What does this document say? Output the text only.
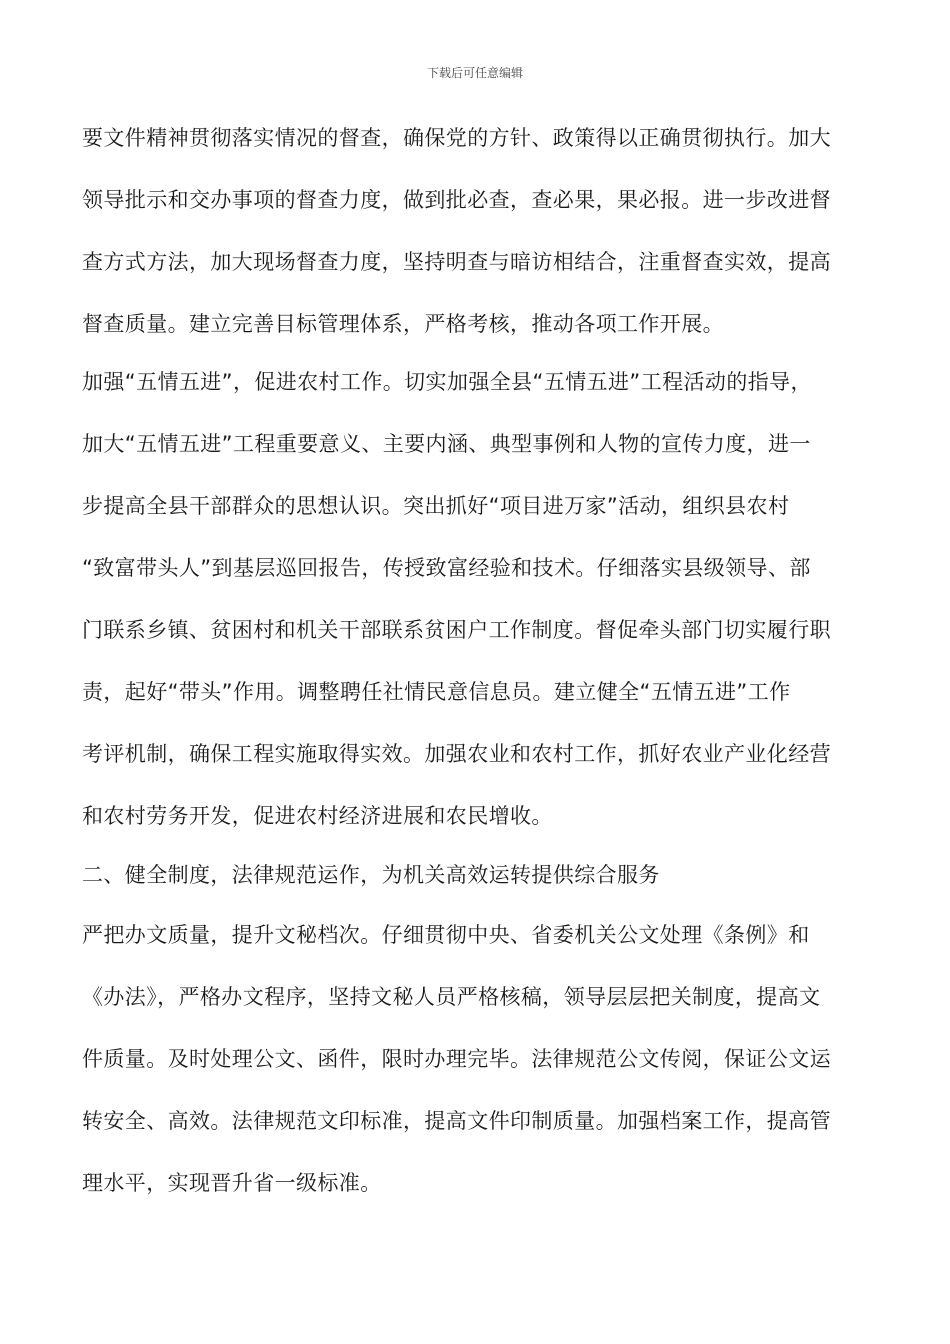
下载后可任意编辑
要文件精神贯彻落实情况的督查，确保党的方针、政策得以正确贯彻执行。加大
领导批示和交办事项的督查力度，做到批必查，查必果，果必报。进一步改进督
查方式方法，加大现场督查力度，坚持明查与暗访相结合，注重督查实效，提高
督查质量。建立完善目标管理体系，严格考核，推动各项工作开展。
加强“五情五进”，促进农村工作。切实加强全县“五情五进”工程活动的指导，
加大“五情五进”工程重要意义、主要内涵、典型事例和人物的宣传力度，进一
步提高全县干部群众的思想认识。突出抓好“项目进万家”活动，组织县农村
“致富带头人”到基层巡回报告，传授致富经验和技术。仔细落实县级领导、部
门联系乡镇、贫困村和机关干部联系贫困户工作制度。督促牵头部门切实履行职
责，起好“带头”作用。调整聘任社情民意信息员。建立健全“五情五进”工作
考评机制，确保工程实施取得实效。加强农业和农村工作，抓好农业产业化经营
和农村劳务开发，促进农村经济进展和农民增收。
二、健全制度，法律规范运作，为机关高效运转提供综合服务
严把办文质量，提升文秘档次。仔细贯彻中央、省委机关公文处理《条例》和
《办法》，严格办文程序，坚持文秘人员严格核稿，领导层层把关制度，提高文
件质量。及时处理公文、函件，限时办理完毕。法律规范公文传阅，保证公文运
转安全、高效。法律规范文印标准，提高文件印制质量。加强档案工作，提高管
理水平，实现晋升省一级标准。
